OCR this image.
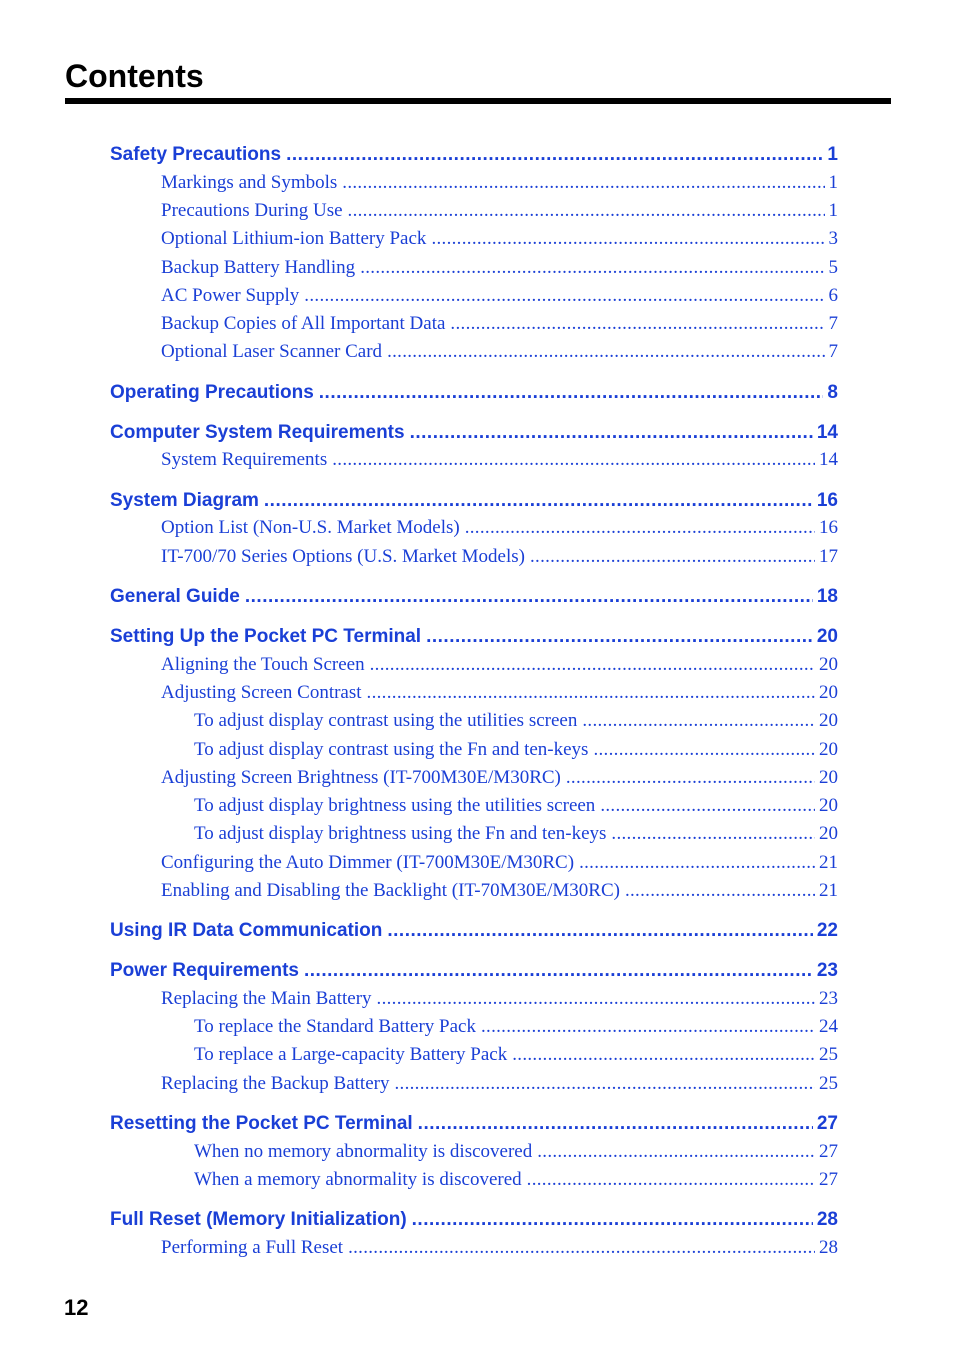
Contents
Safety Precautions .....	1
Markings and Symbols .....	1
Precautions During Use .....	1
Optional Lithium-ion Battery Pack .....	3
Backup Battery Handling .....	5
AC Power Supply .....	6
Backup Copies of All Important Data .....	7
Optional Laser Scanner Card .....	7
Operating Precautions .....	8
Computer System Requirements .....	14
System Requirements .....	14
System Diagram .....	16
Option List (Non-U.S. Market Models) .....	16
IT-700/70 Series Options (U.S. Market Models) .....	17
General Guide .....	18
Setting Up the Pocket PC Terminal .....	20
Aligning the Touch Screen .....	20
Adjusting Screen Contrast .....	20
To adjust display contrast using the utilities screen .....	20
To adjust display contrast using the Fn and ten-keys .....	20
Adjusting Screen Brightness (IT-700M30E/M30RC) .....	20
To adjust display brightness using the utilities screen .....	20
To adjust display brightness using the Fn and ten-keys .....	20
Configuring the Auto Dimmer (IT-700M30E/M30RC) .....	21
Enabling and Disabling the Backlight (IT-70M30E/M30RC) .....	21
Using IR Data Communication .....	22
Power Requirements .....	23
Replacing the Main Battery .....	23
To replace the Standard Battery Pack .....	24
To replace a Large-capacity Battery Pack .....	25
Replacing the Backup Battery .....	25
Resetting the Pocket PC Terminal .....	27
When no memory abnormality is discovered .....	27
When a memory abnormality is discovered .....	27
Full Reset (Memory Initialization) .....	28
Performing a Full Reset .....	28
12
